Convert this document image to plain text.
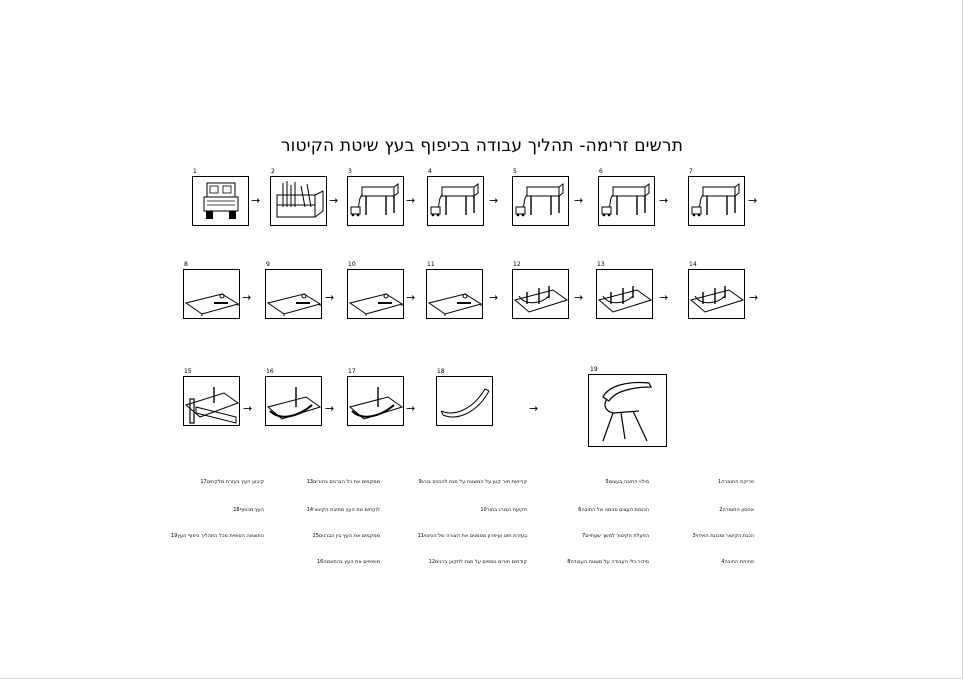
תרשים זרימה- תהליך עבודה בכיפוף בעץ שיטת הקיטור
1	2	3	4	5	6	7
8	9	10	11	12	13	14
15	16	17	18	19
→	→	→	→	→	→	→
→	→	→	→	→	→	→
→	→	→	→
פריקת החומרה1
אחסון החומרה2
הכנת הקיטור ומכונת האידוי3
פתיחת התיבה4
מילוי התיבה בעצים5
הכנסת העצים פנימה אל התיבה6
הפעלת הקיטור למשך שעתיים7
סידור כלי העבודה על משטח העבודה8
קריחות חור קטן על המשטח על מנת להכניס בורג9
תקיעת הבורג בחור10
בעזרת חוט ועיפרון מסמנים את הצורה של הכיסוי11
קודחים חורים נוספים על מנת לתקוע ברגים12
ממקמים את כל הברגים בחורים13
לוקחים את העץ מתיבת הקיטור14
ממקמים את העץ בין הברגים15
מוסיפים את העץ בהתאמה16
קיבוע העץ בעזרת מלקחים17
העץ מכופף18
התוצאה הסופית מכל התהליך כיפוף העץ19
